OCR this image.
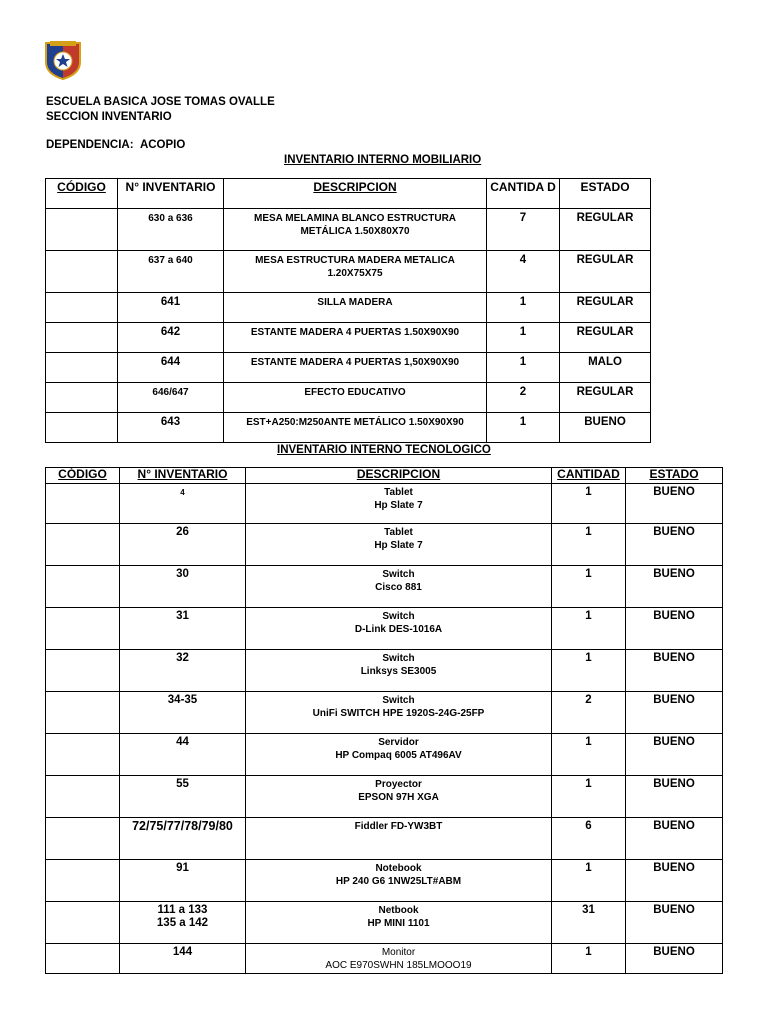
ESCUELA BASICA JOSE TOMAS OVALLE
SECCION INVENTARIO
DEPENDENCIA: ACOPIO
INVENTARIO INTERNO MOBILIARIO
CÓDIGO	N° INVENTARIO	DESCRIPCION	CANTIDA D	ESTADO
	630 a 636	MESA MELAMINA BLANCO ESTRUCTURA
METÁLICA 1.50X80X70	7	REGULAR
	637 a 640	MESA ESTRUCTURA MADERA METALICA
1.20X75X75	4	REGULAR
	641	SILLA MADERA	1	REGULAR
	642	ESTANTE MADERA 4 PUERTAS 1.50X90X90	1	REGULAR
	644	ESTANTE MADERA 4 PUERTAS 1,50X90X90	1	MALO
	646/647	EFECTO EDUCATIVO	2	REGULAR
	643	EST+A250:M250ANTE METÁLICO 1.50X90X90	1	BUENO
INVENTARIO INTERNO TECNOLOGICO
CÓDIGO	N° INVENTARIO	DESCRIPCION	CANTIDAD	ESTADO
	4	Tablet
Hp Slate 7	1	BUENO
	26	Tablet
Hp Slate 7	1	BUENO
	30	Switch
Cisco 881	1	BUENO
	31	Switch
D-Link DES-1016A	1	BUENO
	32	Switch
Linksys SE3005	1	BUENO
	34-35	Switch
UniFi SWITCH HPE 1920S-24G-25FP	2	BUENO
	44	Servidor
HP Compaq 6005 AT496AV	1	BUENO
	55	Proyector
EPSON 97H XGA	1	BUENO
	72/75/77/78/79/80	Fiddler FD-YW3BT	6	BUENO
	91	Notebook
HP 240 G6 1NW25LT#ABM	1	BUENO

	111 a 133
135 a 142	Netbook
HP MINI 1101	31	BUENO
	144	Monitor
AOC E970SWHN 185LMOOO19	1	BUENO
